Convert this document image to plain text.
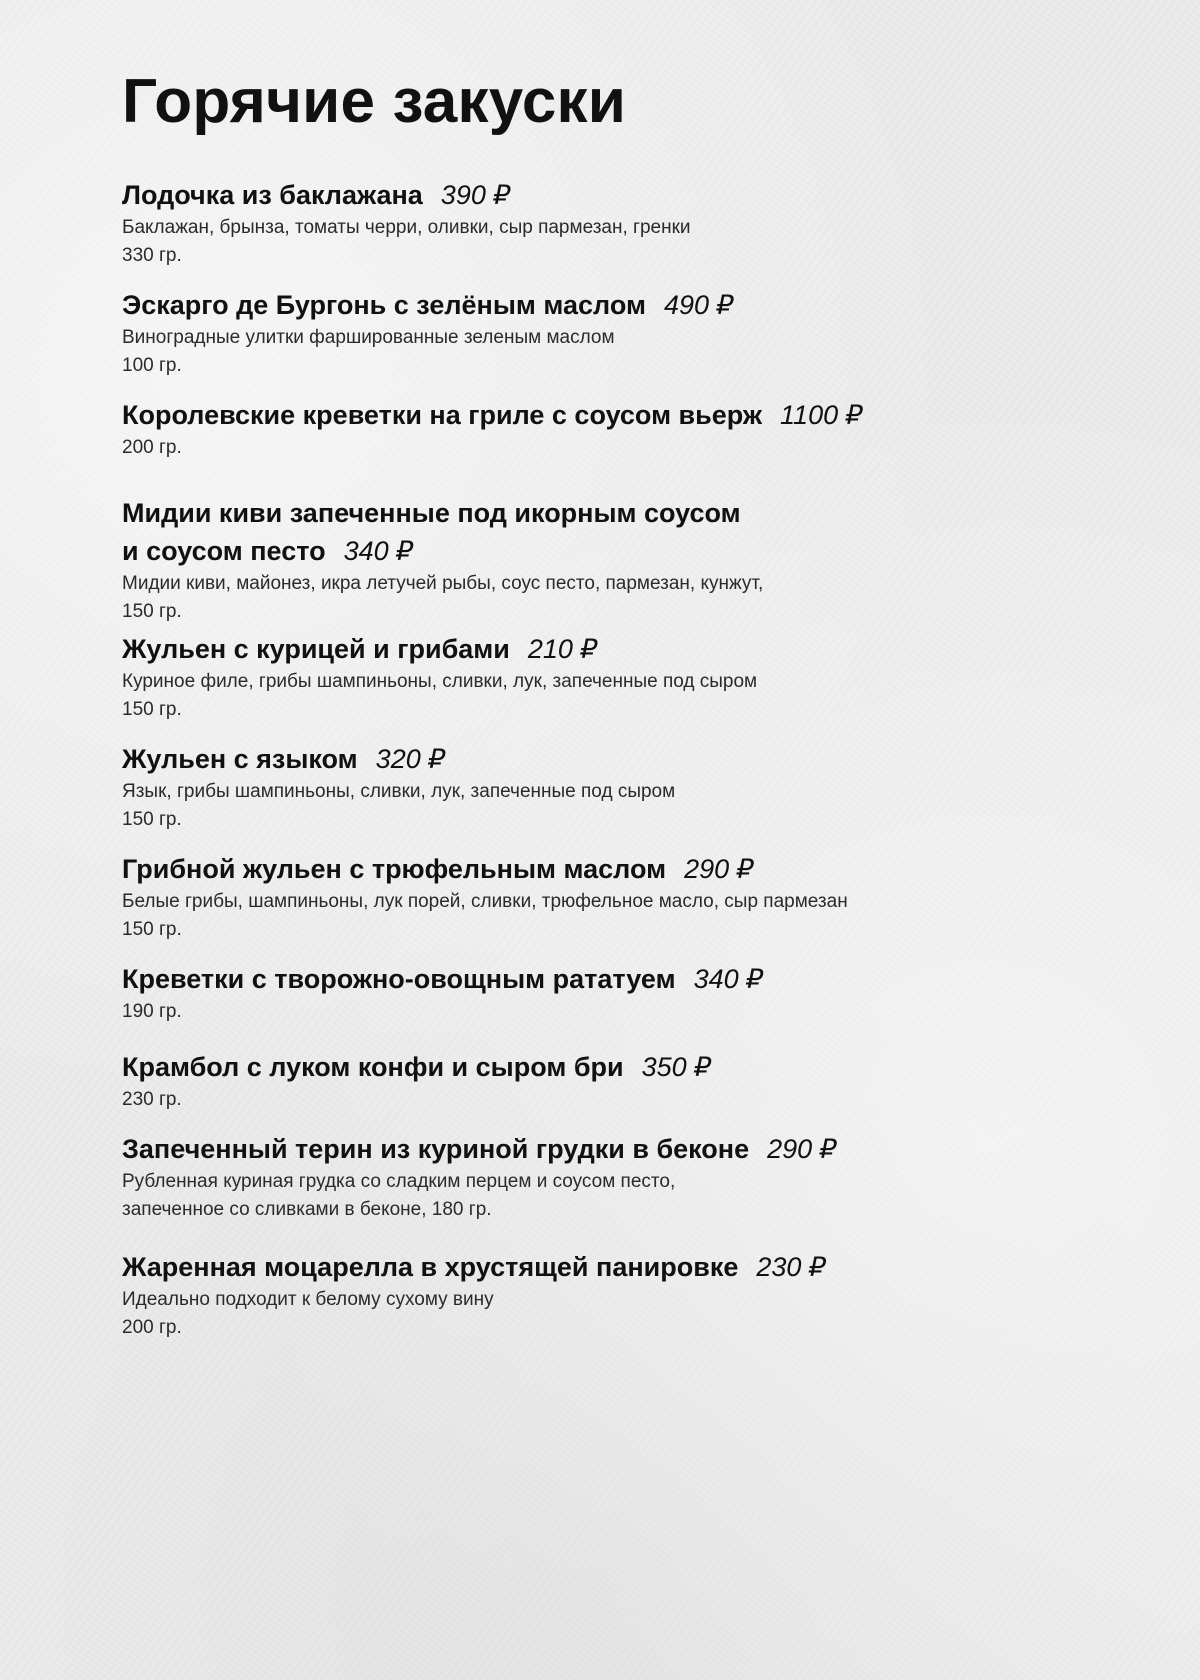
Горячие закуски
Лодочка из баклажана 390 ₽
Баклажан, брынза, томаты черри, оливки, сыр пармезан, гренки
330 гр.
Эскарго де Бургонь с зелёным маслом 490 ₽
Виноградные улитки фаршированные зеленым маслом
100 гр.
Королевские креветки на гриле с соусом вьерж 1100 ₽
200 гр.
Мидии киви запеченные под икорным соусом
и соусом песто 340 ₽
Мидии киви, майонез, икра летучей рыбы, соус песто, пармезан, кунжут,
150 гр.
Жульен с курицей и грибами 210 ₽
Куриное филе, грибы шампиньоны, сливки, лук, запеченные под сыром
150 гр.
Жульен с языком 320 ₽
Язык, грибы шампиньоны, сливки, лук, запеченные под сыром
150 гр.
Грибной жульен с трюфельным маслом 290 ₽
Белые грибы, шампиньоны, лук порей, сливки, трюфельное масло, сыр пармезан
150 гр.
Креветки с творожно-овощным рататуем 340 ₽
190 гр.
Крамбол с луком конфи и сыром бри 350 ₽
230 гр.
Запеченный терин из куриной грудки в беконе 290 ₽
Рубленная куриная грудка со сладким перцем и соусом песто,
запеченное со сливками в беконе, 180 гр.
Жаренная моцарелла в хрустящей панировке 230 ₽
Идеально подходит к белому сухому вину
200 гр.
